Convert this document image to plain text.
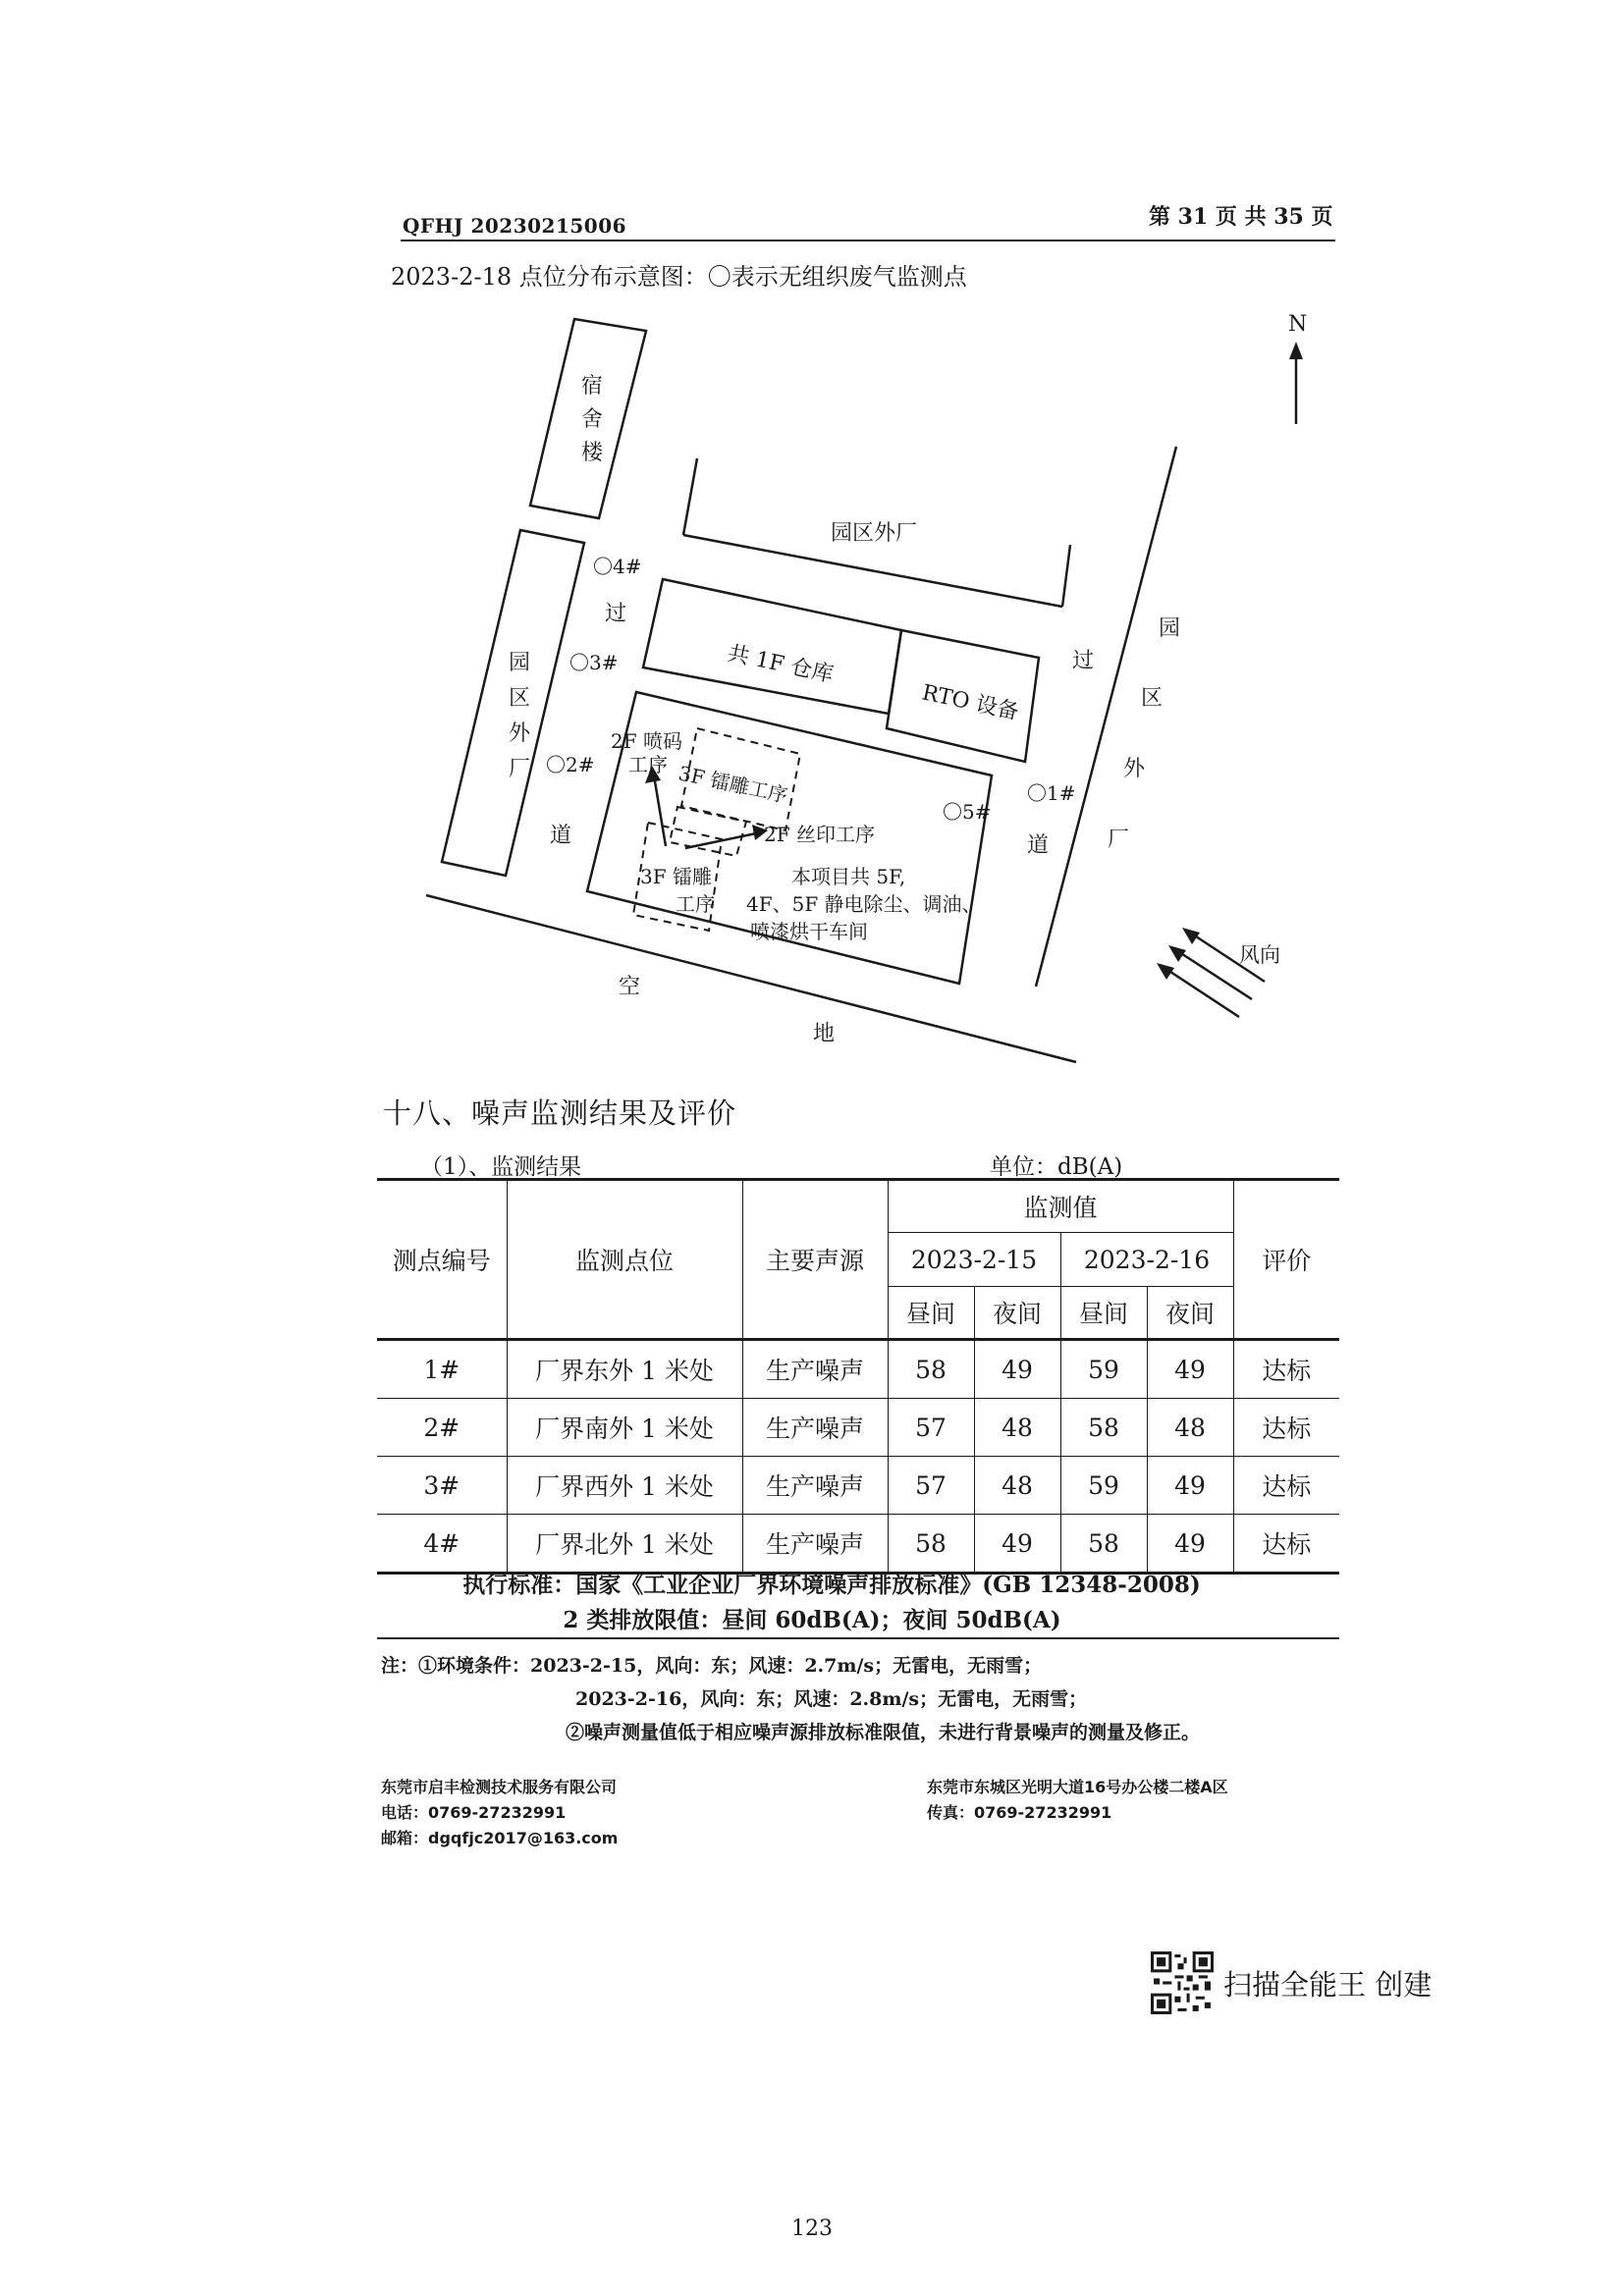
QFHJ 20230215006	第 31 页 共 35 页
2023-2-18 点位分布示意图：〇表示无组织废气监测点
N
宿
舍
楼
园区外厂
园
区
外
厂
园
区
外
厂
过
道
过
道
共 1F 仓库
RTO 设备
2F 喷码
工序 3F 镭雕工序
2F 丝印工序
3F 镭雕
工序
本项目共 5F,
4F、5F 静电除尘、调油、
喷漆烘干车间
空
地
风向
〇1#
〇2#
〇3#
〇4#
〇5#
十八、噪声监测结果及评价
（1）、监测结果	单位：dB(A)
测点编号	监测点位	主要声源	监测值				评价
			2023-2-15		2023-2-16		
			昼间	夜间	昼间	夜间	
1#	厂界东外 1 米处	生产噪声	58	49	59	49	达标
2#	厂界南外 1 米处	生产噪声	57	48	58	48	达标
3#	厂界西外 1 米处	生产噪声	57	48	59	49	达标
4#	厂界北外 1 米处	生产噪声	58	49	58	49	达标
执行标准：国家《工业企业厂界环境噪声排放标准》(GB 12348-2008)
2 类排放限值：昼间 60dB(A)；夜间 50dB(A)
注：①环境条件：2023-2-15，风向：东；风速：2.7m/s；无雷电，无雨雪；
2023-2-16，风向：东；风速：2.8m/s；无雷电，无雨雪；
②噪声测量值低于相应噪声源排放标准限值，未进行背景噪声的测量及修正。
东莞市启丰检测技术服务有限公司
电话：0769-27232991
邮箱：dgqfjc2017@163.com
东莞市东城区光明大道16号办公楼二楼A区
传真：0769-27232991
扫描全能王 创建
123
